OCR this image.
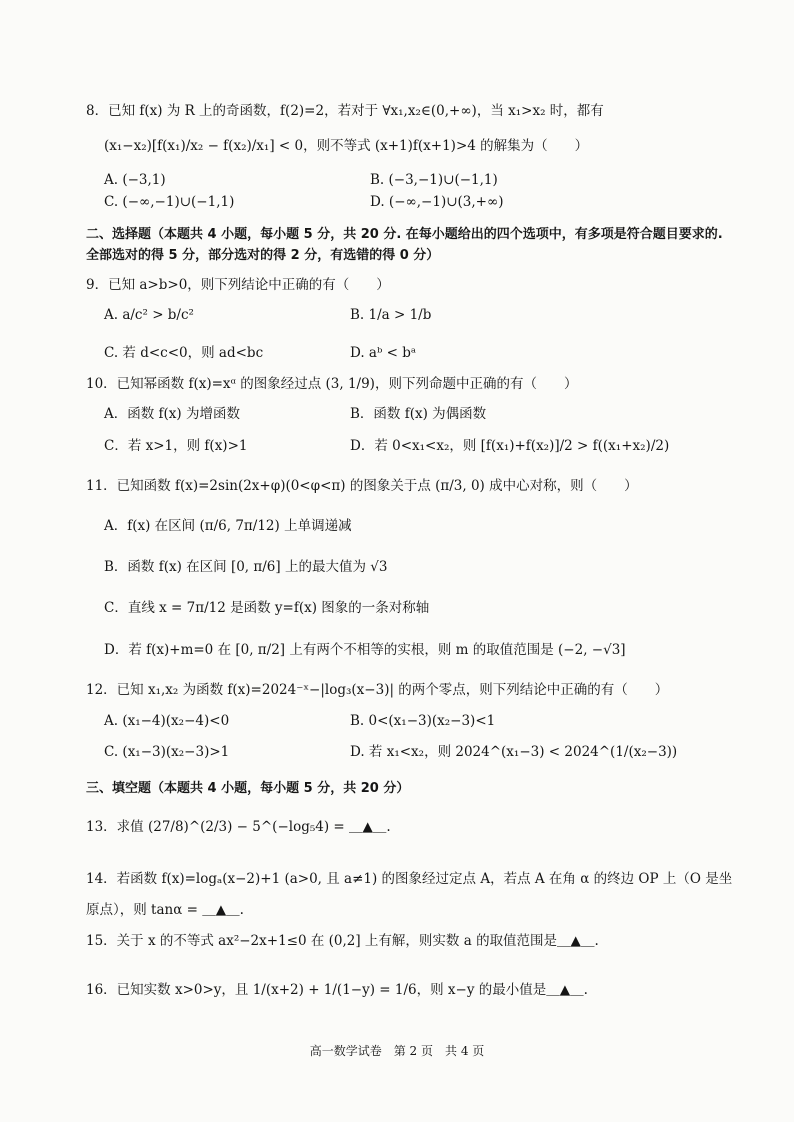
8．已知 f(x) 为 R 上的奇函数，f(2)=2，若对于 ∀x₁,x₂∈(0,+∞)，当 x₁>x₂ 时，都有
(x₁−x₂)[f(x₁)/x₂ − f(x₂)/x₁] < 0，则不等式 (x+1)f(x+1)>4 的解集为（　　）
A. (−3,1)	B. (−3,−1)∪(−1,1)
C. (−∞,−1)∪(−1,1)	D. (−∞,−1)∪(3,+∞)
二、选择题（本题共 4 小题，每小题 5 分，共 20 分. 在每小题给出的四个选项中，有多项是符合题目要求的.
全部选对的得 5 分，部分选对的得 2 分，有选错的得 0 分）
9．已知 a>b>0，则下列结论中正确的有（　　）
A. a/c² > b/c²	B. 1/a > 1/b
C. 若 d<c<0，则 ad<bc	D. aᵇ < bᵃ
10．已知幂函数 f(x)=xᵅ 的图象经过点 (3, 1/9)，则下列命题中正确的有（　　）
A．函数 f(x) 为增函数	B．函数 f(x) 为偶函数
C．若 x>1，则 f(x)>1	D．若 0<x₁<x₂，则 [f(x₁)+f(x₂)]/2 > f((x₁+x₂)/2)
11．已知函数 f(x)=2sin(2x+φ)(0<φ<π) 的图象关于点 (π/3, 0) 成中心对称，则（　　）
A．f(x) 在区间 (π/6, 7π/12) 上单调递减
B．函数 f(x) 在区间 [0, π/6] 上的最大值为 √3
C．直线 x = 7π/12 是函数 y=f(x) 图象的一条对称轴
D．若 f(x)+m=0 在 [0, π/2] 上有两个不相等的实根，则 m 的取值范围是 (−2, −√3]
12．已知 x₁,x₂ 为函数 f(x)=2024⁻ˣ−|log₃(x−3)| 的两个零点，则下列结论中正确的有（　　）
A. (x₁−4)(x₂−4)<0	B. 0<(x₁−3)(x₂−3)<1
C. (x₁−3)(x₂−3)>1	D. 若 x₁<x₂，则 2024^(x₁−3) < 2024^(1/(x₂−3))
三、填空题（本题共 4 小题，每小题 5 分，共 20 分）
13．求值 (27/8)^(2/3) − 5^(−log₅4) = ＿▲＿.
14．若函数 f(x)=logₐ(x−2)+1 (a>0, 且 a≠1) 的图象经过定点 A，若点 A 在角 α 的终边 OP 上（O 是坐
原点），则 tanα = ＿▲＿.
15．关于 x 的不等式 ax²−2x+1≤0 在 (0,2] 上有解，则实数 a 的取值范围是＿▲＿.
16．已知实数 x>0>y，且 1/(x+2) + 1/(1−y) = 1/6，则 x−y 的最小值是＿▲＿.
高一数学试卷　第 2 页　共 4 页
